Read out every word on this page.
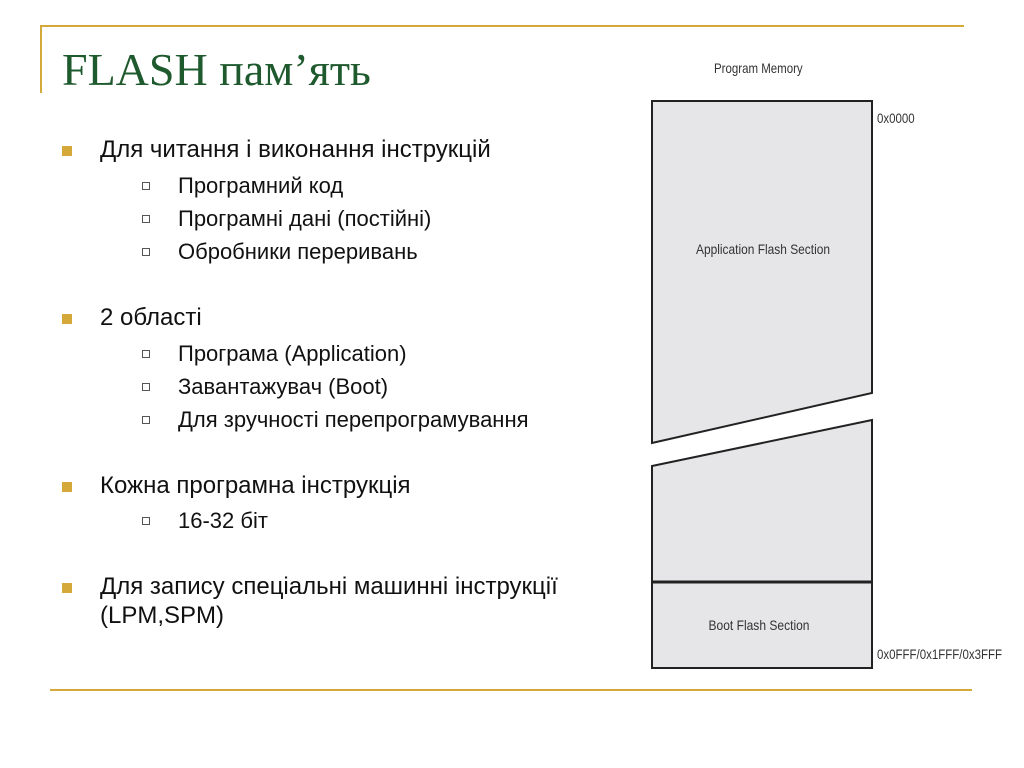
FLASH пам’ять
Для читання і виконання інструкцій
Програмний код
Програмні дані (постійні)
Обробники переривань
2 області
Програма (Application)
Завантажувач (Boot)
Для зручності перепрограмування
Кожна програмна інструкція
16-32 біт
Для запису спеціальні машинні інструкції (LPM,SPM)
Program Memory
Application Flash Section
Boot Flash Section
0x0000
0x0FFF/0x1FFF/0x3FFF
